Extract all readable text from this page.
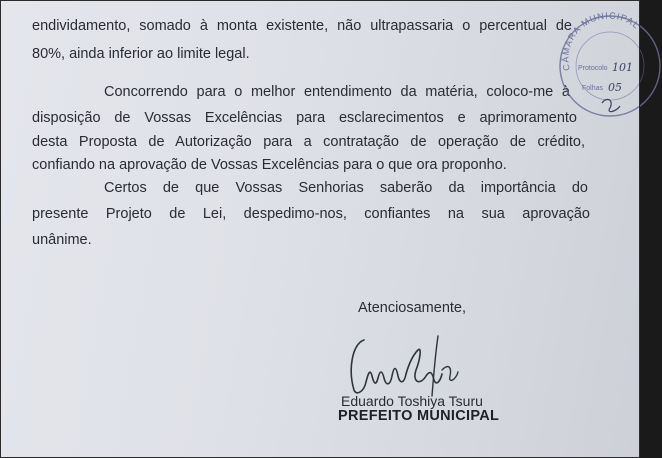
endividamento, somado à monta existente, não ultrapassaria o percentual de
80%, ainda inferior ao limite legal.
Concorrendo para o melhor entendimento da matéria, coloco-me à
disposição de Vossas Excelências para esclarecimentos e aprimoramento
desta Proposta de Autorização para a contratação de operação de crédito,
confiando na aprovação de Vossas Excelências para o que ora proponho.
Certos de que Vossas Senhorias saberão da importância do
presente Projeto de Lei, despedimo-nos, confiantes na sua aprovação
unânime.
CÂMARA MUNICIPAL
Protocolo 101
Folhas 05
Atenciosamente,
Eduardo Toshiya Tsuru
PREFEITO MUNICIPAL
